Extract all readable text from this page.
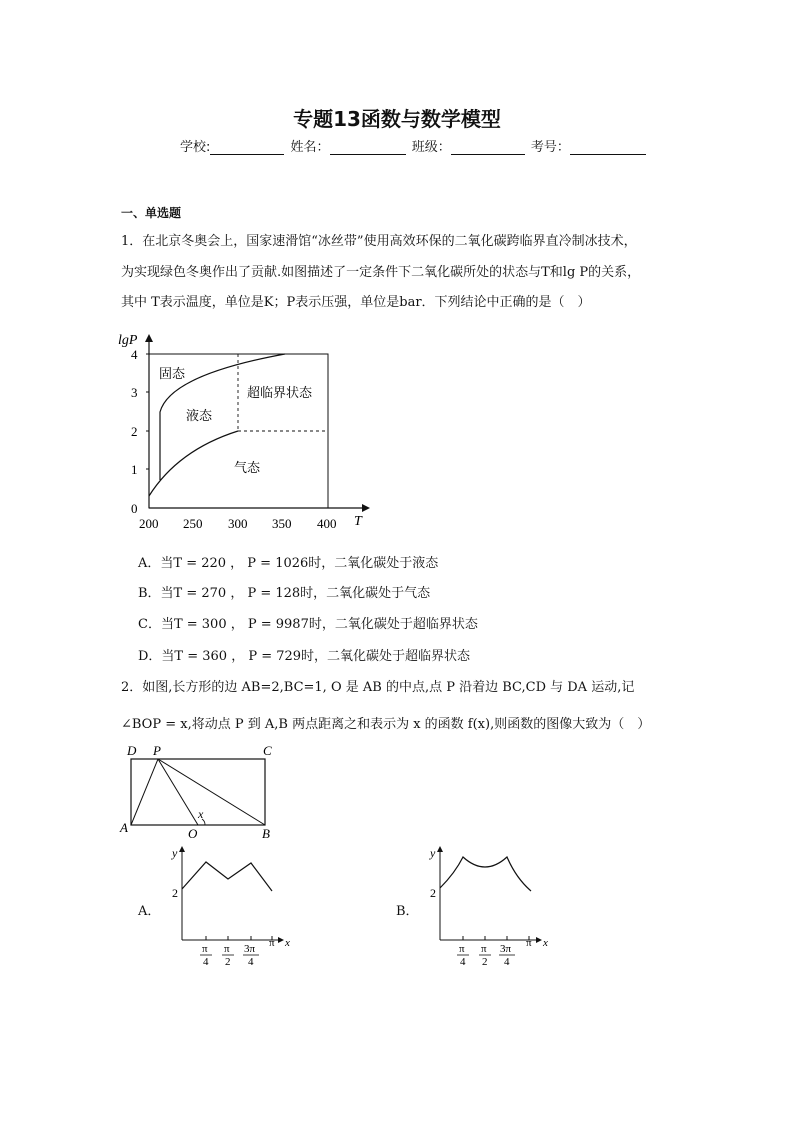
专题13函数与数学模型
学校:	姓名：	班级：	考号：
一、单选题
1．在北京冬奥会上，国家速滑馆“冰丝带”使用高效环保的二氧化碳跨临界直冷制冰技术，
为实现绿色冬奥作出了贡献.如图描述了一定条件下二氧化碳所处的状态与T和lg P的关系，
其中 T表示温度，单位是K；P表示压强，单位是bar．下列结论中正确的是（　）
lgP
4
3
2
1
0
200 250 300 350 400 T
固态
液态
超临界状态
气态
A．当T = 220 ， P = 1026时，二氧化碳处于液态
B．当T = 270 ， P = 128时，二氧化碳处于气态
C．当T = 300 ， P = 9987时，二氧化碳处于超临界状态
D．当T = 360 ， P = 729时，二氧化碳处于超临界状态
2．如图,长方形的边 AB=2,BC=1, O 是 AB 的中点,点 P 沿着边 BC,CD 与 DA 运动,记
∠BOP = x,将动点 P 到 A,B 两点距离之和表示为 x 的函数 f(x),则函数的图像大致为（　）
D P	C
A	O	B
x
A．
y
2
x
π
4
π
2
3π
4
π
B．
y
2
x
π
4
π
2
3π
4
π
